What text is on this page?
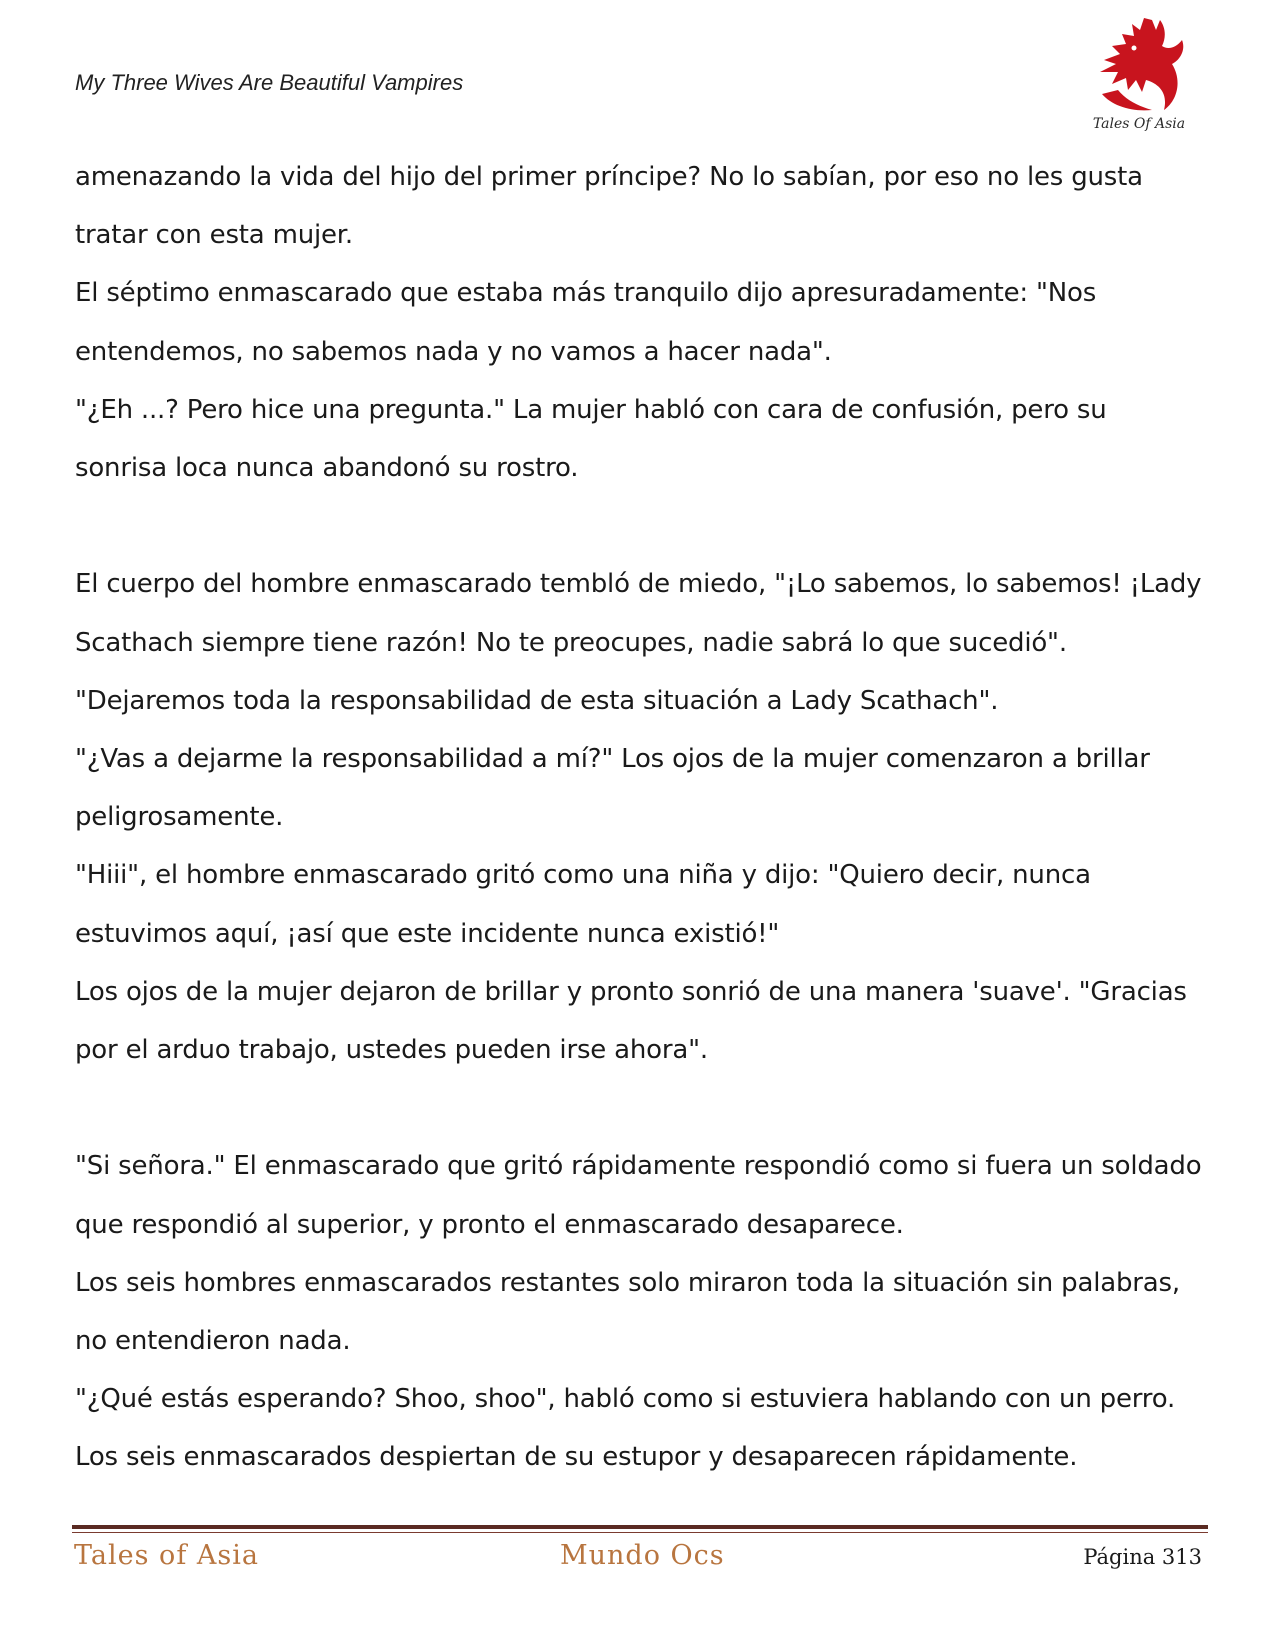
My Three Wives Are Beautiful Vampires
Tales Of Asia

amenazando la vida del hijo del primer príncipe? No lo sabían, por eso no les gusta tratar con esta mujer.

El séptimo enmascarado que estaba más tranquilo dijo apresuradamente: "Nos entendemos, no sabemos nada y no vamos a hacer nada".

"¿Eh ...? Pero hice una pregunta." La mujer habló con cara de confusión, pero su sonrisa loca nunca abandonó su rostro.

El cuerpo del hombre enmascarado tembló de miedo, "¡Lo sabemos, lo sabemos! ¡Lady Scathach siempre tiene razón! No te preocupes, nadie sabrá lo que sucedió".

"Dejaremos toda la responsabilidad de esta situación a Lady Scathach".

"¿Vas a dejarme la responsabilidad a mí?" Los ojos de la mujer comenzaron a brillar peligrosamente.

"Hiii", el hombre enmascarado gritó como una niña y dijo: "Quiero decir, nunca estuvimos aquí, ¡así que este incidente nunca existió!"

Los ojos de la mujer dejaron de brillar y pronto sonrió de una manera 'suave'. "Gracias por el arduo trabajo, ustedes pueden irse ahora".

"Si señora." El enmascarado que gritó rápidamente respondió como si fuera un soldado que respondió al superior, y pronto el enmascarado desaparece.

Los seis hombres enmascarados restantes solo miraron toda la situación sin palabras, no entendieron nada.

"¿Qué estás esperando? Shoo, shoo", habló como si estuviera hablando con un perro.

Los seis enmascarados despiertan de su estupor y desaparecen rápidamente.

Tales of Asia	Mundo Ocs	Página 313
